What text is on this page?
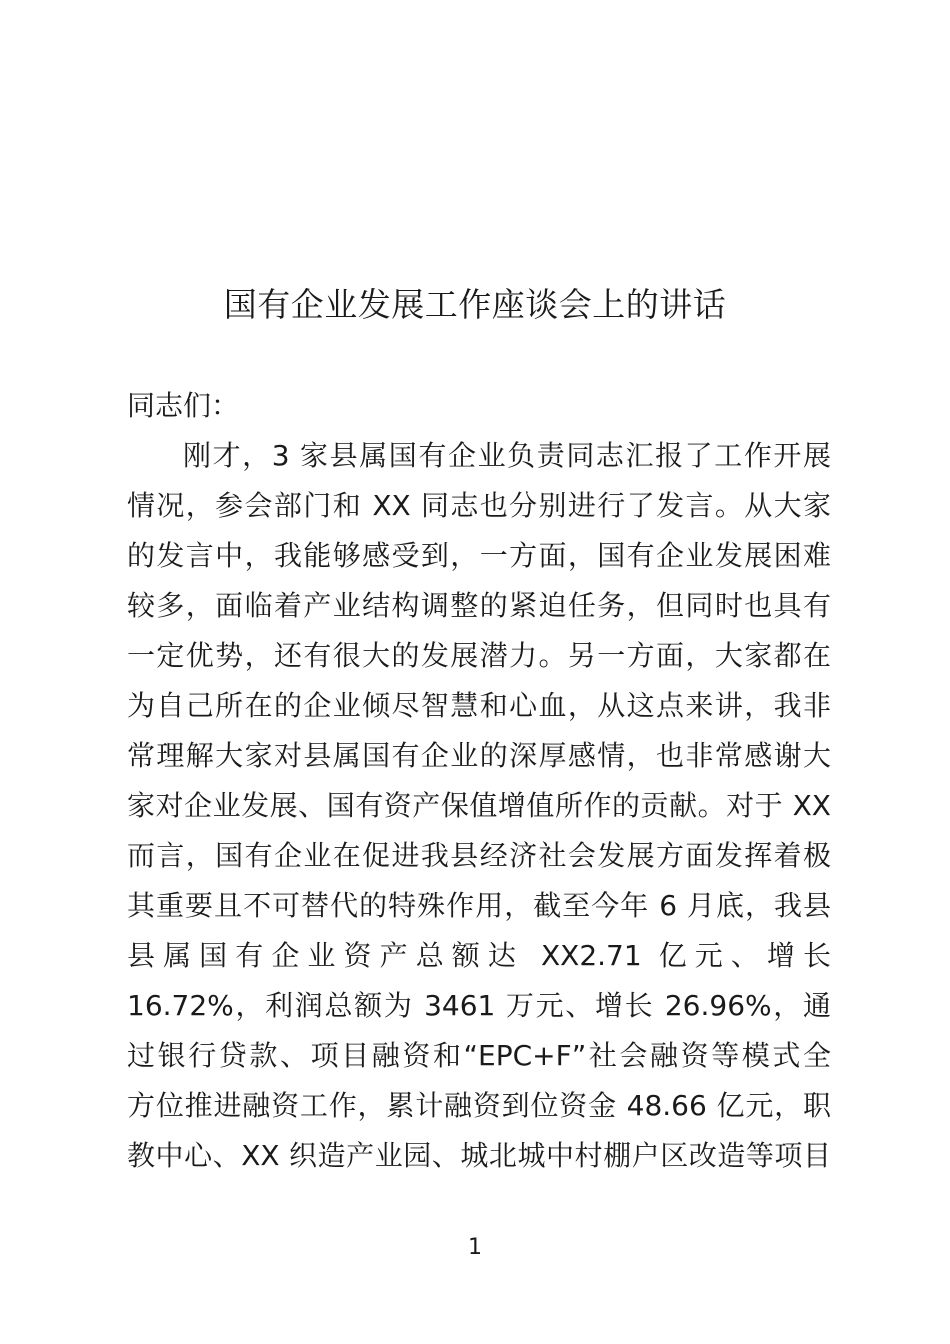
国有企业发展工作座谈会上的讲话

同志们：

刚才，3 家县属国有企业负责同志汇报了工作开展
情况，参会部门和 XX 同志也分别进行了发言。从大家
的发言中，我能够感受到，一方面，国有企业发展困难
较多，面临着产业结构调整的紧迫任务，但同时也具有
一定优势，还有很大的发展潜力。另一方面，大家都在
为自己所在的企业倾尽智慧和心血，从这点来讲，我非
常理解大家对县属国有企业的深厚感情，也非常感谢大
家对企业发展、国有资产保值增值所作的贡献。对于 XX
而言，国有企业在促进我县经济社会发展方面发挥着极
其重要且不可替代的特殊作用，截至今年 6 月底，我县
县属国有企业资产总额达 XX2.71 亿元、增长
16.72%，利润总额为 3461 万元、增长 26.96%，通
过银行贷款、项目融资和“EPC+F”社会融资等模式全
方位推进融资工作，累计融资到位资金 48.66 亿元，职
教中心、XX 织造产业园、城北城中村棚户区改造等项目

1
